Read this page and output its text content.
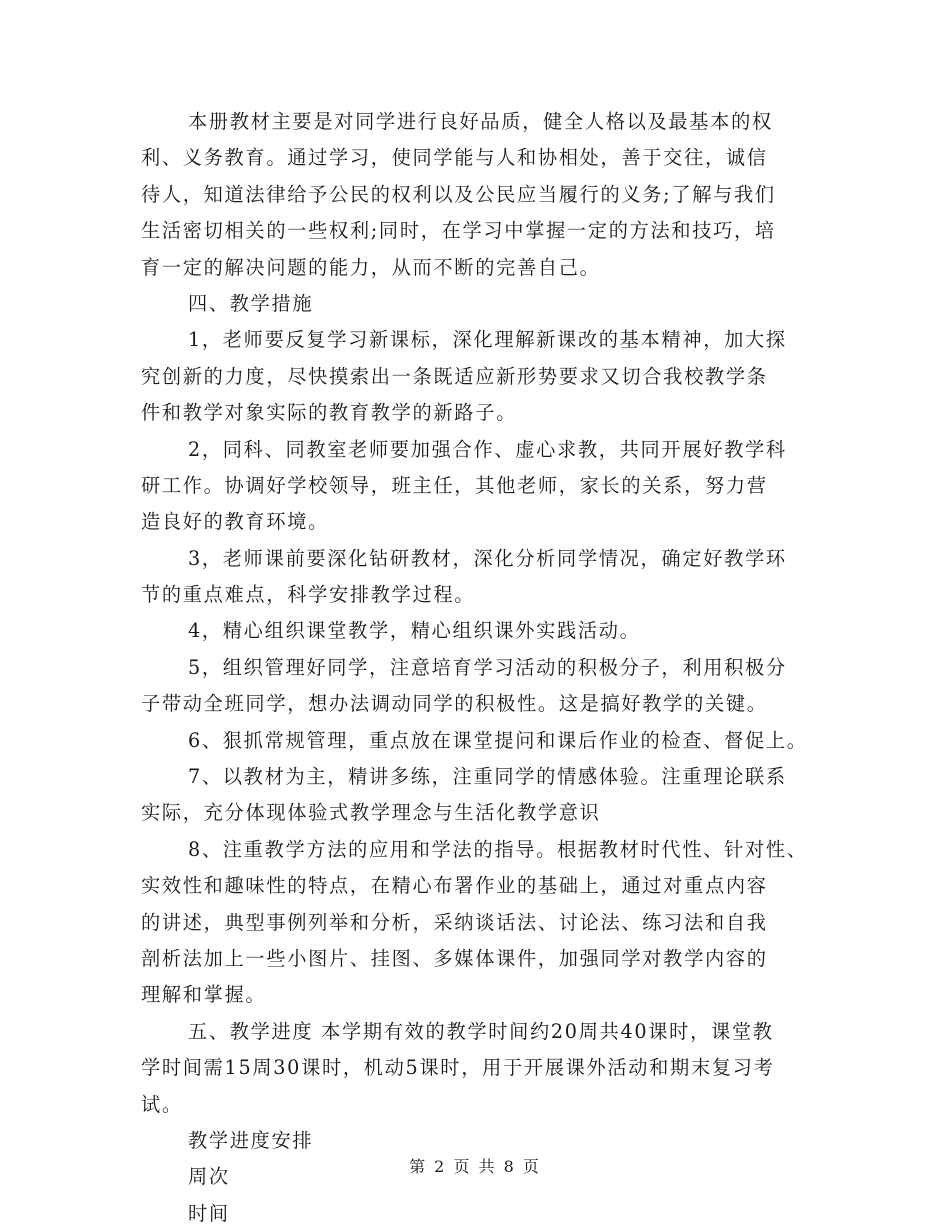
本册教材主要是对同学进行良好品质，健全人格以及最基本的权
利、义务教育。通过学习，使同学能与人和协相处，善于交往，诚信
待人，知道法律给予公民的权利以及公民应当履行的义务;了解与我们
生活密切相关的一些权利;同时，在学习中掌握一定的方法和技巧，培
育一定的解决问题的能力，从而不断的完善自己。
四、教学措施
1，老师要反复学习新课标，深化理解新课改的基本精神，加大探
究创新的力度，尽快摸索出一条既适应新形势要求又切合我校教学条
件和教学对象实际的教育教学的新路子。
2，同科、同教室老师要加强合作、虚心求教，共同开展好教学科
研工作。协调好学校领导，班主任，其他老师，家长的关系，努力营
造良好的教育环境。
3，老师课前要深化钻研教材，深化分析同学情况，确定好教学环
节的重点难点，科学安排教学过程。
4，精心组织课堂教学，精心组织课外实践活动。
5，组织管理好同学，注意培育学习活动的积极分子，利用积极分
子带动全班同学，想办法调动同学的积极性。这是搞好教学的关键。
6、狠抓常规管理，重点放在课堂提问和课后作业的检查、督促上。
7、以教材为主，精讲多练，注重同学的情感体验。注重理论联系
实际，充分体现体验式教学理念与生活化教学意识
8、注重教学方法的应用和学法的指导。根据教材时代性、针对性、
实效性和趣味性的特点，在精心布署作业的基础上，通过对重点内容
的讲述，典型事例列举和分析，采纳谈话法、讨论法、练习法和自我
剖析法加上一些小图片、挂图、多媒体课件，加强同学对教学内容的
理解和掌握。
五、教学进度 本学期有效的教学时间约20周共40课时，课堂教
学时间需15周30课时，机动5课时，用于开展课外活动和期末复习考
试。
教学进度安排
周次
时间
第 2 页 共 8 页
